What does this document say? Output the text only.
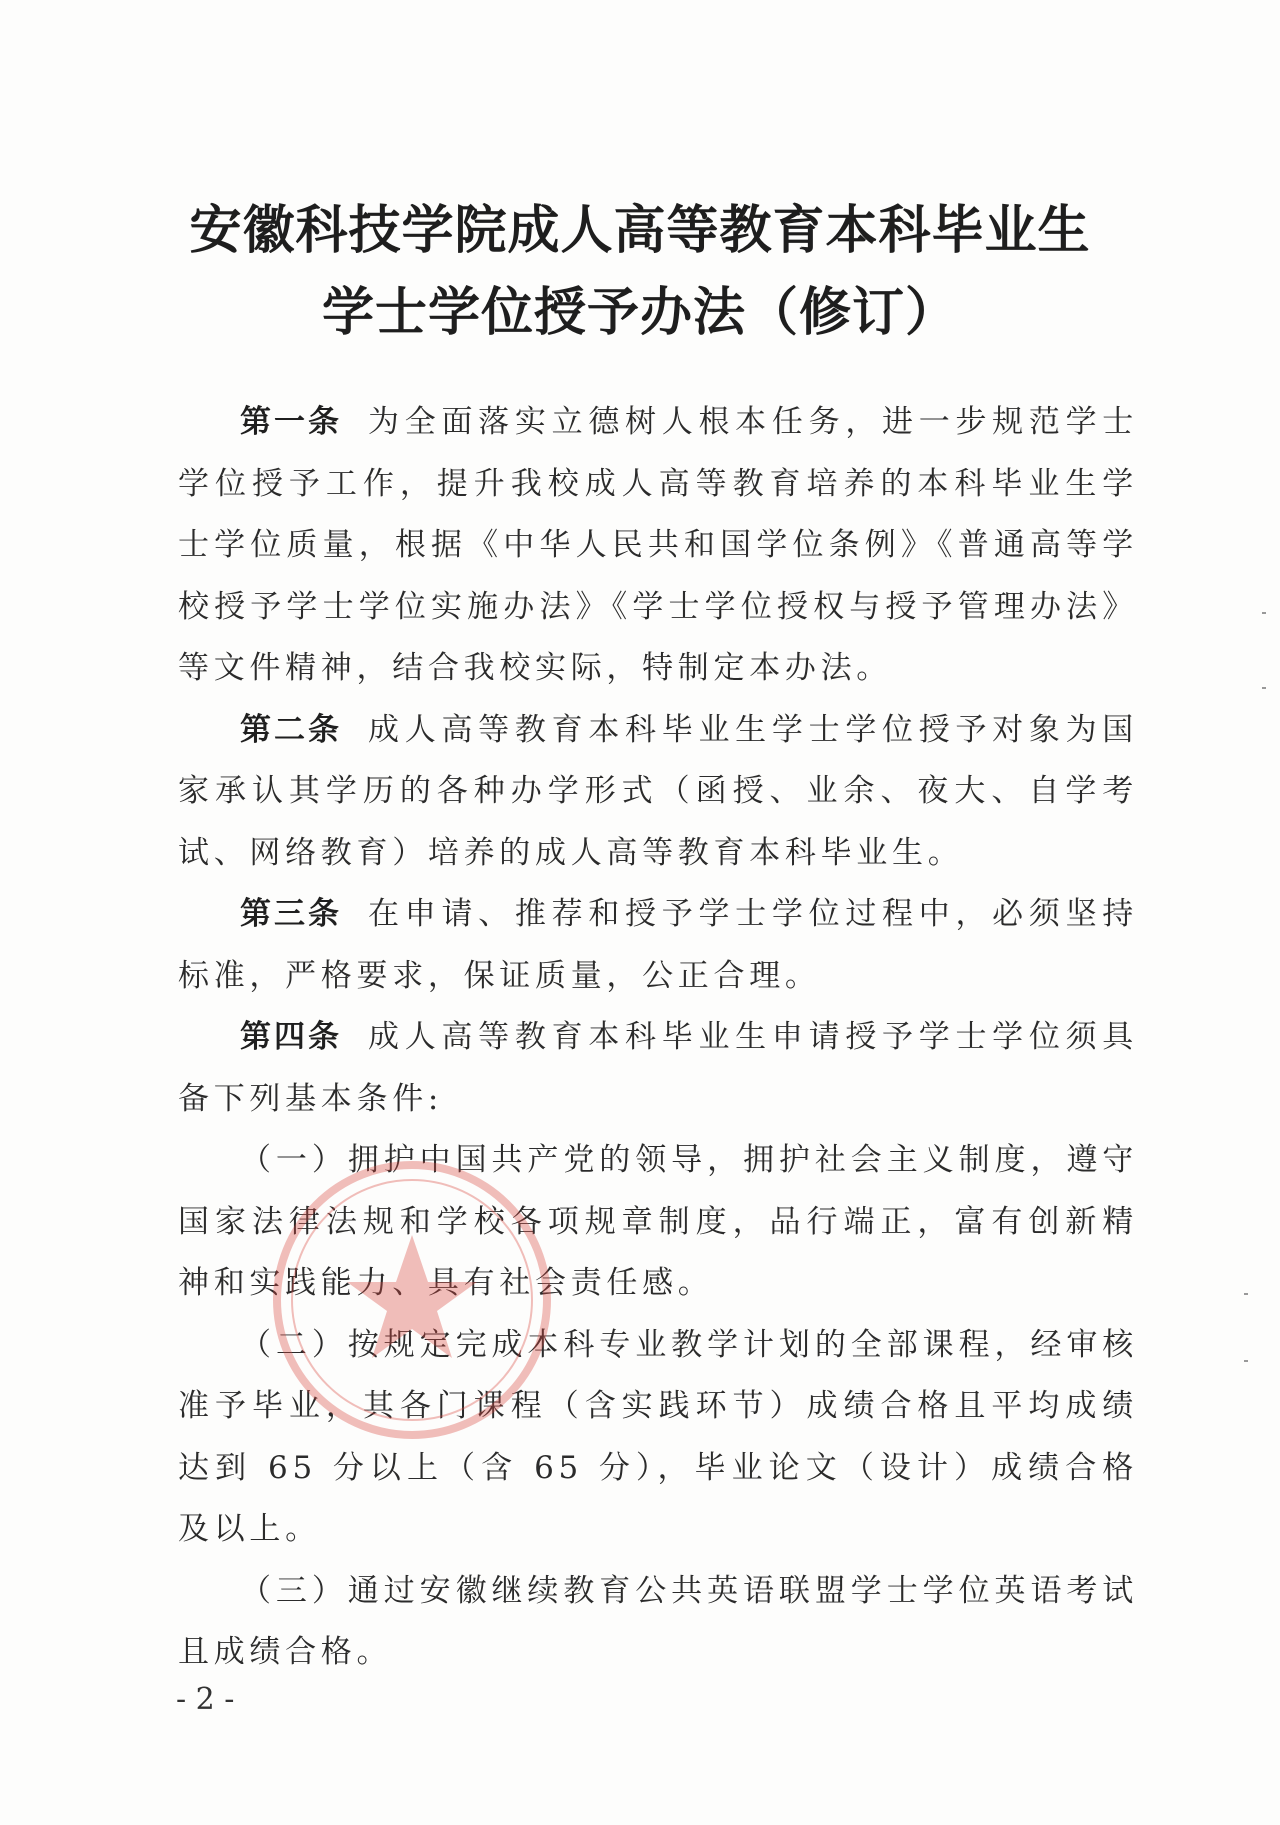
安徽科技学院成人高等教育本科毕业生
学士学位授予办法（修订）

第一条 为全面落实立德树人根本任务，进一步规范学士学位授予工作，提升我校成人高等教育培养的本科毕业生学士学位质量，根据《中华人民共和国学位条例》《普通高等学校授予学士学位实施办法》《学士学位授权与授予管理办法》等文件精神，结合我校实际，特制定本办法。

第二条 成人高等教育本科毕业生学士学位授予对象为国家承认其学历的各种办学形式（函授、业余、夜大、自学考试、网络教育）培养的成人高等教育本科毕业生。

第三条 在申请、推荐和授予学士学位过程中，必须坚持标准，严格要求，保证质量，公正合理。

第四条 成人高等教育本科毕业生申请授予学士学位须具备下列基本条件:

（一）拥护中国共产党的领导，拥护社会主义制度，遵守国家法律法规和学校各项规章制度，品行端正，富有创新精神和实践能力、具有社会责任感。

（二）按规定完成本科专业教学计划的全部课程，经审核准予毕业，其各门课程（含实践环节）成绩合格且平均成绩达到 65 分以上（含 65 分），毕业论文（设计）成绩合格及以上。

（三）通过安徽继续教育公共英语联盟学士学位英语考试且成绩合格。

- 2 -
